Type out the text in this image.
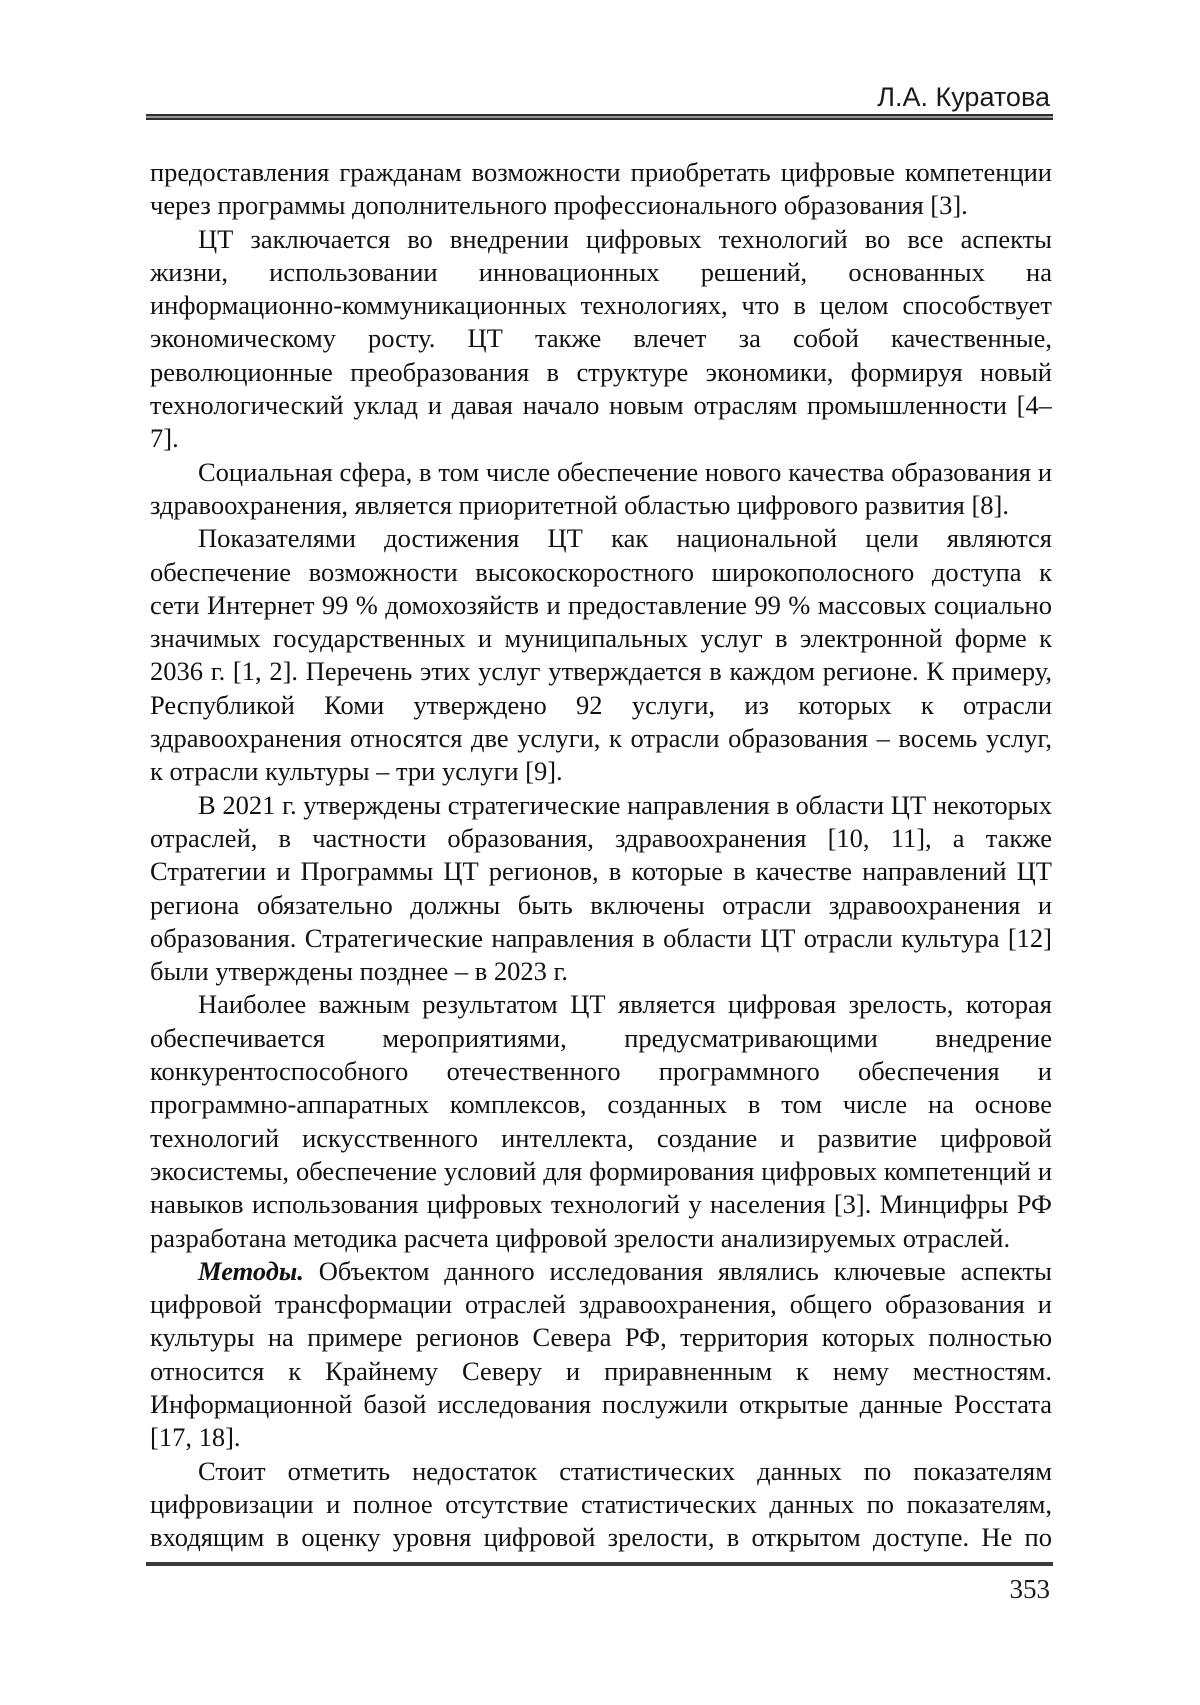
Л.А. Куратова

предоставления гражданам возможности приобретать цифровые компетенции через программы дополнительного профессионального образования [3].

ЦТ заключается во внедрении цифровых технологий во все аспекты жизни, использовании инновационных решений, основанных на информационно-коммуникационных технологиях, что в целом способствует экономическому росту. ЦТ также влечет за собой качественные, революционные преобразования в структуре экономики, формируя новый технологический уклад и давая начало новым отраслям промышленности [4–7].

Социальная сфера, в том числе обеспечение нового качества образования и здравоохранения, является приоритетной областью цифрового развития [8].

Показателями достижения ЦТ как национальной цели являются обеспечение возможности высокоскоростного широкополосного доступа к сети Интернет 99 % домохозяйств и предоставление 99 % массовых социально значимых государственных и муниципальных услуг в электронной форме к 2036 г. [1, 2]. Перечень этих услуг утверждается в каждом регионе. К примеру, Республикой Коми утверждено 92 услуги, из которых к отрасли здравоохранения относятся две услуги, к отрасли образования – восемь услуг, к отрасли культуры – три услуги [9].

В 2021 г. утверждены стратегические направления в области ЦТ некоторых отраслей, в частности образования, здравоохранения [10, 11], а также Стратегии и Программы ЦТ регионов, в которые в качестве направлений ЦТ региона обязательно должны быть включены отрасли здравоохранения и образования. Стратегические направления в области ЦТ отрасли культура [12] были утверждены позднее – в 2023 г.

Наиболее важным результатом ЦТ является цифровая зрелость, которая обеспечивается мероприятиями, предусматривающими внедрение конкурентоспособного отечественного программного обеспечения и программно-аппаратных комплексов, созданных в том числе на основе технологий искусственного интеллекта, создание и развитие цифровой экосистемы, обеспечение условий для формирования цифровых компетенций и навыков использования цифровых технологий у населения [3]. Минцифры РФ разработана методика расчета цифровой зрелости анализируемых отраслей.

Методы. Объектом данного исследования являлись ключевые аспекты цифровой трансформации отраслей здравоохранения, общего образования и культуры на примере регионов Севера РФ, территория которых полностью относится к Крайнему Северу и приравненным к нему местностям. Информационной базой исследования послужили открытые данные Росстата [17, 18].

Стоит отметить недостаток статистических данных по показателям цифровизации и полное отсутствие статистических данных по показателям, входящим в оценку уровня цифровой зрелости, в открытом доступе. Не по

353
